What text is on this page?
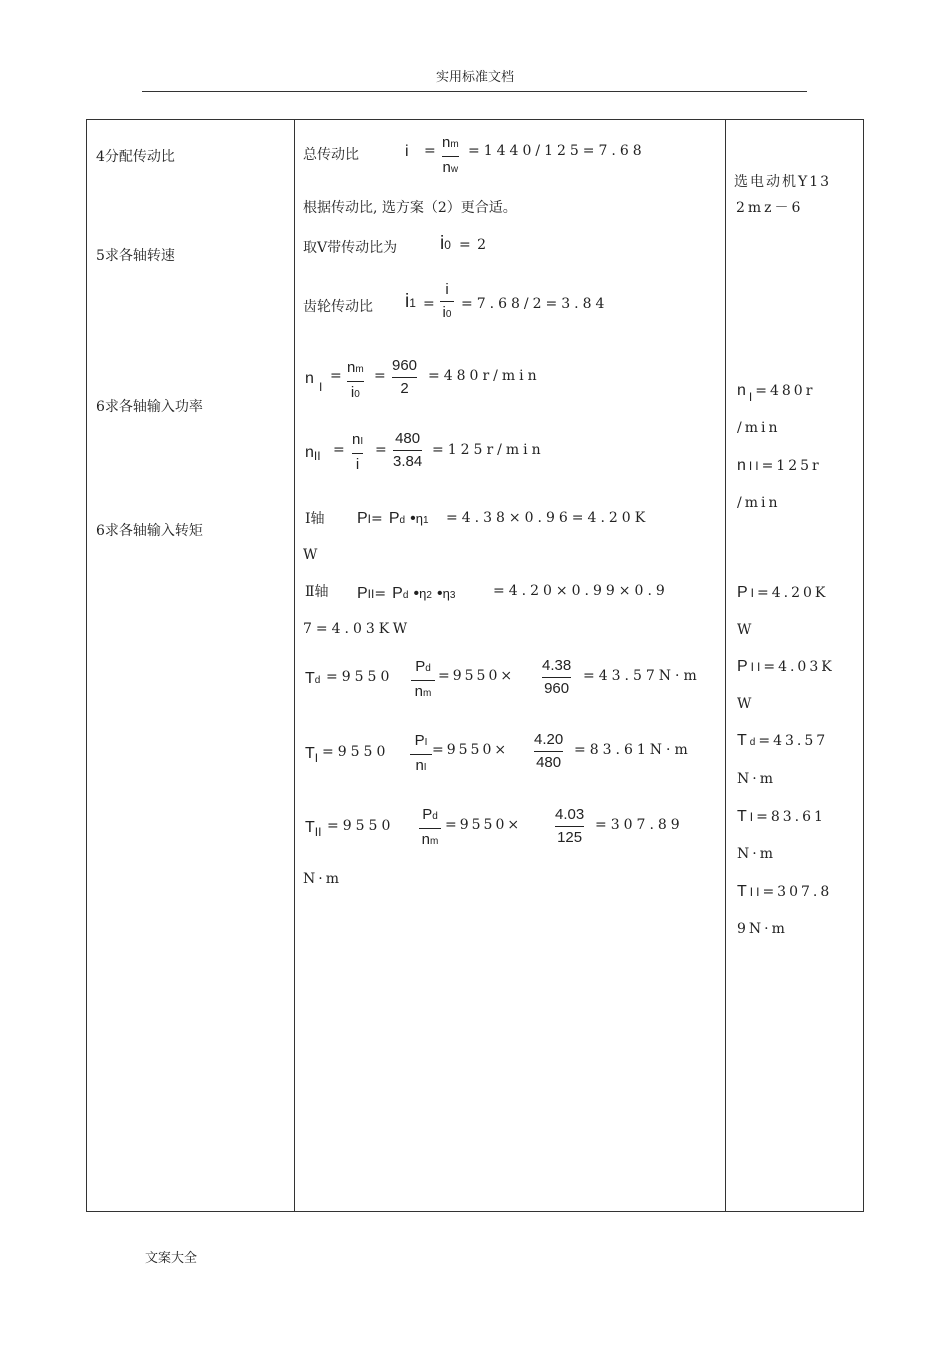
实用标准文档
4分配传动比
5求各轴转速
6求各轴输入功率
6求各轴输入转矩
总传动比	i = nm
nw
=1440/125=7.68
根据传动比, 选方案（2）更合适。
取V带传动比为 i0 = 2
齿轮传动比 i1 =
i
i0
=7.68/2=3.84
n $_I$
= nm
i0
=
960
2
=480r/min
nII =
nI
i
=
480
3.84
=125r/min
Ⅰ轴 PI= Pd •η1 =4.38×0.96=4.20K
W
Ⅱ轴 PII= Pd •η2 •η3	=4.20×0.99×0.9
7=4.03KW
Td =9550
Pd
nm
=9550×
4.38
960
=43.57N·m
$T_I =9550$
PI
nI
=9550×
4.20
480
=83.61N·m
$T_{II} =9550$
Pd
nm
=9550×
4.03
125
=307.89
N·m
选电动机Y13
2mz－6
nI=480r
/min
nII=125r
/min
PI=4.20K
W
PII=4.03K
W
Td=43.57
N·m
TI=83.61
N·m
TII=307.8
9N·m
文案大全
